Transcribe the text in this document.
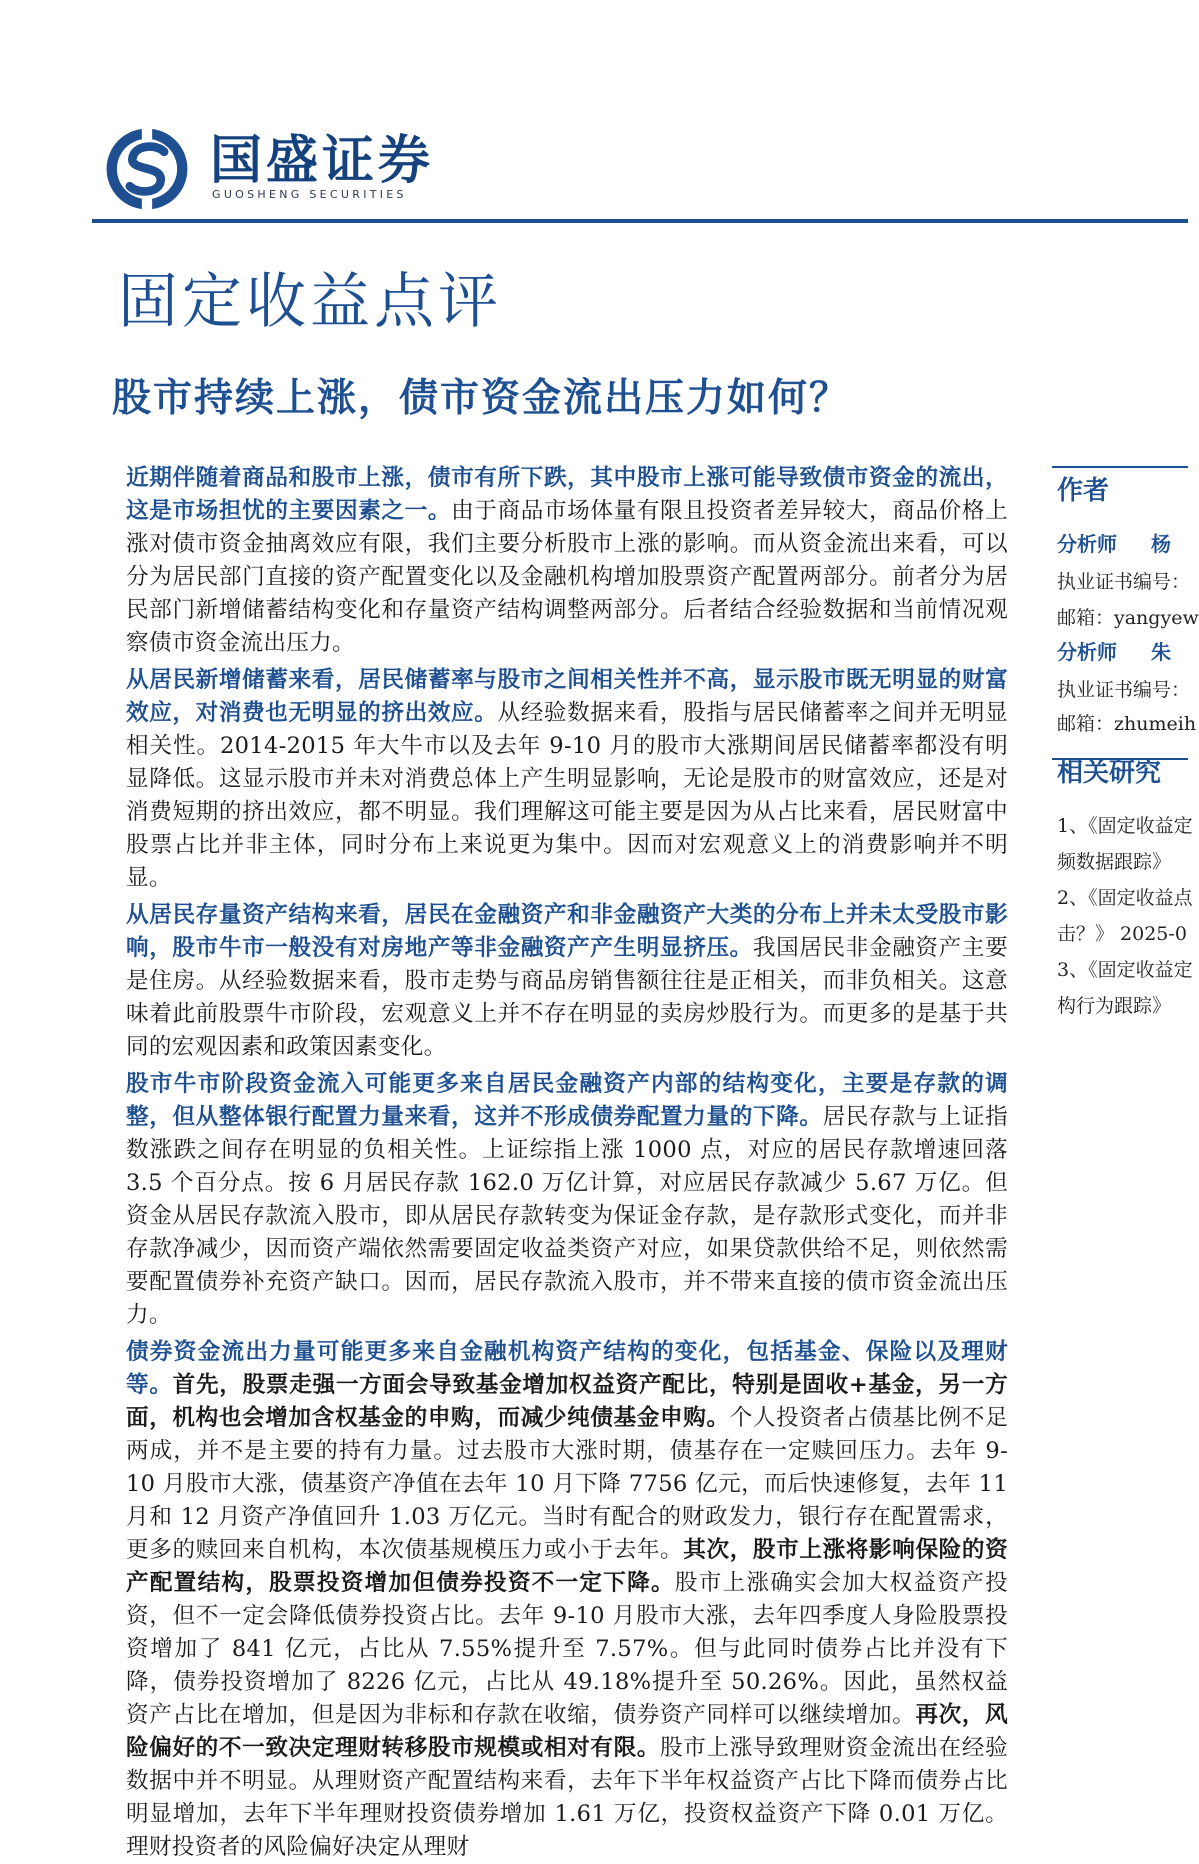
国盛证券
GUOSHENG SECURITIES
固定收益点评
股市持续上涨，债市资金流出压力如何？

近期伴随着商品和股市上涨，债市有所下跌，其中股市上涨可能导致债市资金的流出，这是市场担忧的主要因素之一。由于商品市场体量有限且投资者差异较大，商品价格上涨对债市资金抽离效应有限，我们主要分析股市上涨的影响。而从资金流出来看，可以分为居民部门直接的资产配置变化以及金融机构增加股票资产配置两部分。前者分为居民部门新增储蓄结构变化和存量资产结构调整两部分。后者结合经验数据和当前情况观察债市资金流出压力。

从居民新增储蓄来看，居民储蓄率与股市之间相关性并不高，显示股市既无明显的财富效应，对消费也无明显的挤出效应。从经验数据来看，股指与居民储蓄率之间并无明显相关性。2014-2015 年大牛市以及去年 9-10 月的股市大涨期间居民储蓄率都没有明显降低。这显示股市并未对消费总体上产生明显影响，无论是股市的财富效应，还是对消费短期的挤出效应，都不明显。我们理解这可能主要是因为从占比来看，居民财富中股票占比并非主体，同时分布上来说更为集中。因而对宏观意义上的消费影响并不明显。

从居民存量资产结构来看，居民在金融资产和非金融资产大类的分布上并未太受股市影响，股市牛市一般没有对房地产等非金融资产产生明显挤压。我国居民非金融资产主要是住房。从经验数据来看，股市走势与商品房销售额往往是正相关，而非负相关。这意味着此前股票牛市阶段，宏观意义上并不存在明显的卖房炒股行为。而更多的是基于共同的宏观因素和政策因素变化。

股市牛市阶段资金流入可能更多来自居民金融资产内部的结构变化，主要是存款的调整，但从整体银行配置力量来看，这并不形成债券配置力量的下降。居民存款与上证指数涨跌之间存在明显的负相关性。上证综指上涨 1000 点，对应的居民存款增速回落 3.5 个百分点。按 6 月居民存款 162.0 万亿计算，对应居民存款减少 5.67 万亿。但资金从居民存款流入股市，即从居民存款转变为保证金存款，是存款形式变化，而并非存款净减少，因而资产端依然需要固定收益类资产对应，如果贷款供给不足，则依然需要配置债券补充资产缺口。因而，居民存款流入股市，并不带来直接的债市资金流出压力。

债券资金流出力量可能更多来自金融机构资产结构的变化，包括基金、保险以及理财等。首先，股票走强一方面会导致基金增加权益资产配比，特别是固收+基金，另一方面，机构也会增加含权基金的申购，而减少纯债基金申购。个人投资者占债基比例不足两成，并不是主要的持有力量。过去股市大涨时期，债基存在一定赎回压力。去年 9-10 月股市大涨，债基资产净值在去年 10 月下降 7756 亿元，而后快速修复，去年 11 月和 12 月资产净值回升 1.03 万亿元。当时有配合的财政发力，银行存在配置需求，更多的赎回来自机构，本次债基规模压力或小于去年。其次，股市上涨将影响保险的资产配置结构，股票投资增加但债券投资不一定下降。股市上涨确实会加大权益资产投资，但不一定会降低债券投资占比。去年 9-10 月股市大涨，去年四季度人身险股票投资增加了 841 亿元，占比从 7.55%提升至 7.57%。但与此同时债券占比并没有下降，债券投资增加了 8226 亿元，占比从 49.18%提升至 50.26%。因此，虽然权益资产占比在增加，但是因为非标和存款在收缩，债券资产同样可以继续增加。再次，风险偏好的不一致决定理财转移股市规模或相对有限。股市上涨导致理财资金流出在经验数据中并不明显。从理财资产配置结构来看，去年下半年权益资产占比下降而债券占比明显增加，去年下半年理财投资债券增加 1.61 万亿，投资权益资产下降 0.01 万亿。理财投资者的风险偏好决定从理财

作者
分析师 杨
执业证书编号：
邮箱：yangyew
分析师 朱
执业证书编号：
邮箱：zhumeih
相关研究
1、《固定收益定
频数据跟踪》
2、《固定收益点
击？》 2025-0
3、《固定收益定
构行为跟踪》
